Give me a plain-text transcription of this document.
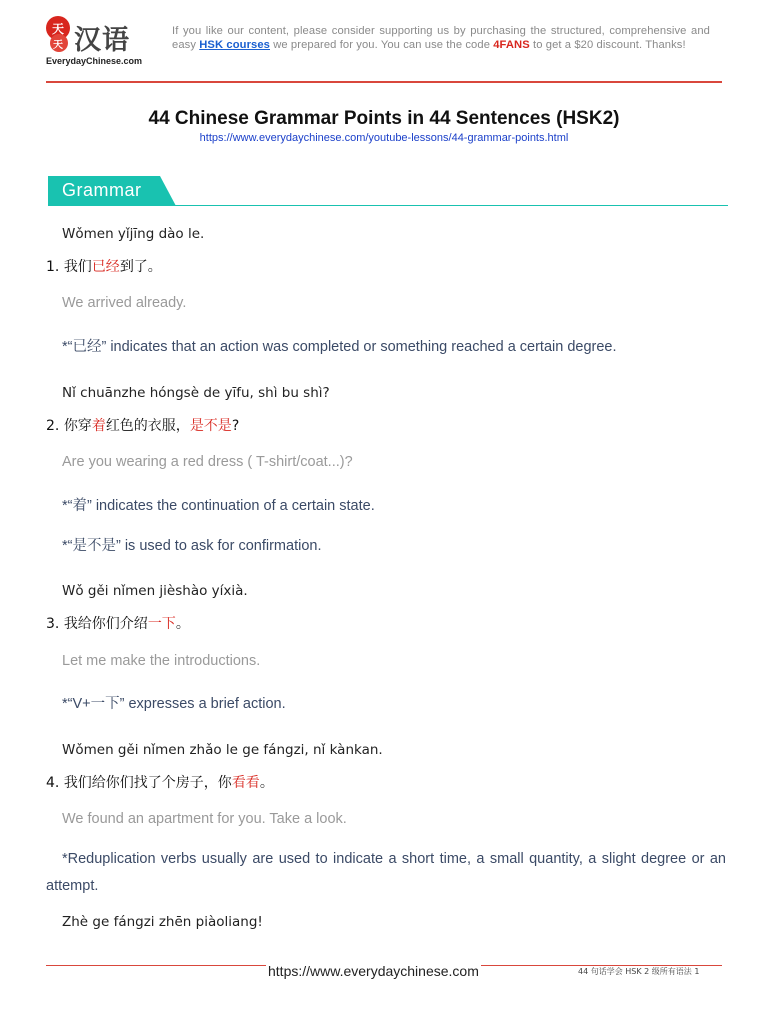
天
天 汉语
EverydayChinese.com
If you like our content, please consider supporting us by purchasing the structured, comprehensive and easy HSK courses we prepared for you. You can use the code 4FANS to get a $20 discount. Thanks!
44 Chinese Grammar Points in 44 Sentences (HSK2)
https://www.everydaychinese.com/youtube-lessons/44-grammar-points.html
Grammar
Wǒmen yǐjīng dào le.
1. 我们已经到了。
We arrived already.
*“已经” indicates that an action was completed or something reached a certain degree.
Nǐ chuānzhe hóngsè de yīfu, shì bu shì?
2. 你穿着红色的衣服，是不是?
Are you wearing a red dress ( T-shirt/coat...)?
*“着” indicates the continuation of a certain state.
*“是不是” is used to ask for confirmation.
Wǒ gěi nǐmen jièshào yíxià.
3. 我给你们介绍一下。
Let me make the introductions.
*“V+一下” expresses a brief action.
Wǒmen gěi nǐmen zhǎo le ge fángzi, nǐ kànkan.
4. 我们给你们找了个房子，你看看。
We found an apartment for you. Take a look.
*Reduplication verbs usually are used to indicate a short time, a small quantity, a slight degree or an attempt.
Zhè ge fángzi zhēn piàoliang!
https://www.everydaychinese.com	44 句话学会 HSK 2 级所有语法 1
